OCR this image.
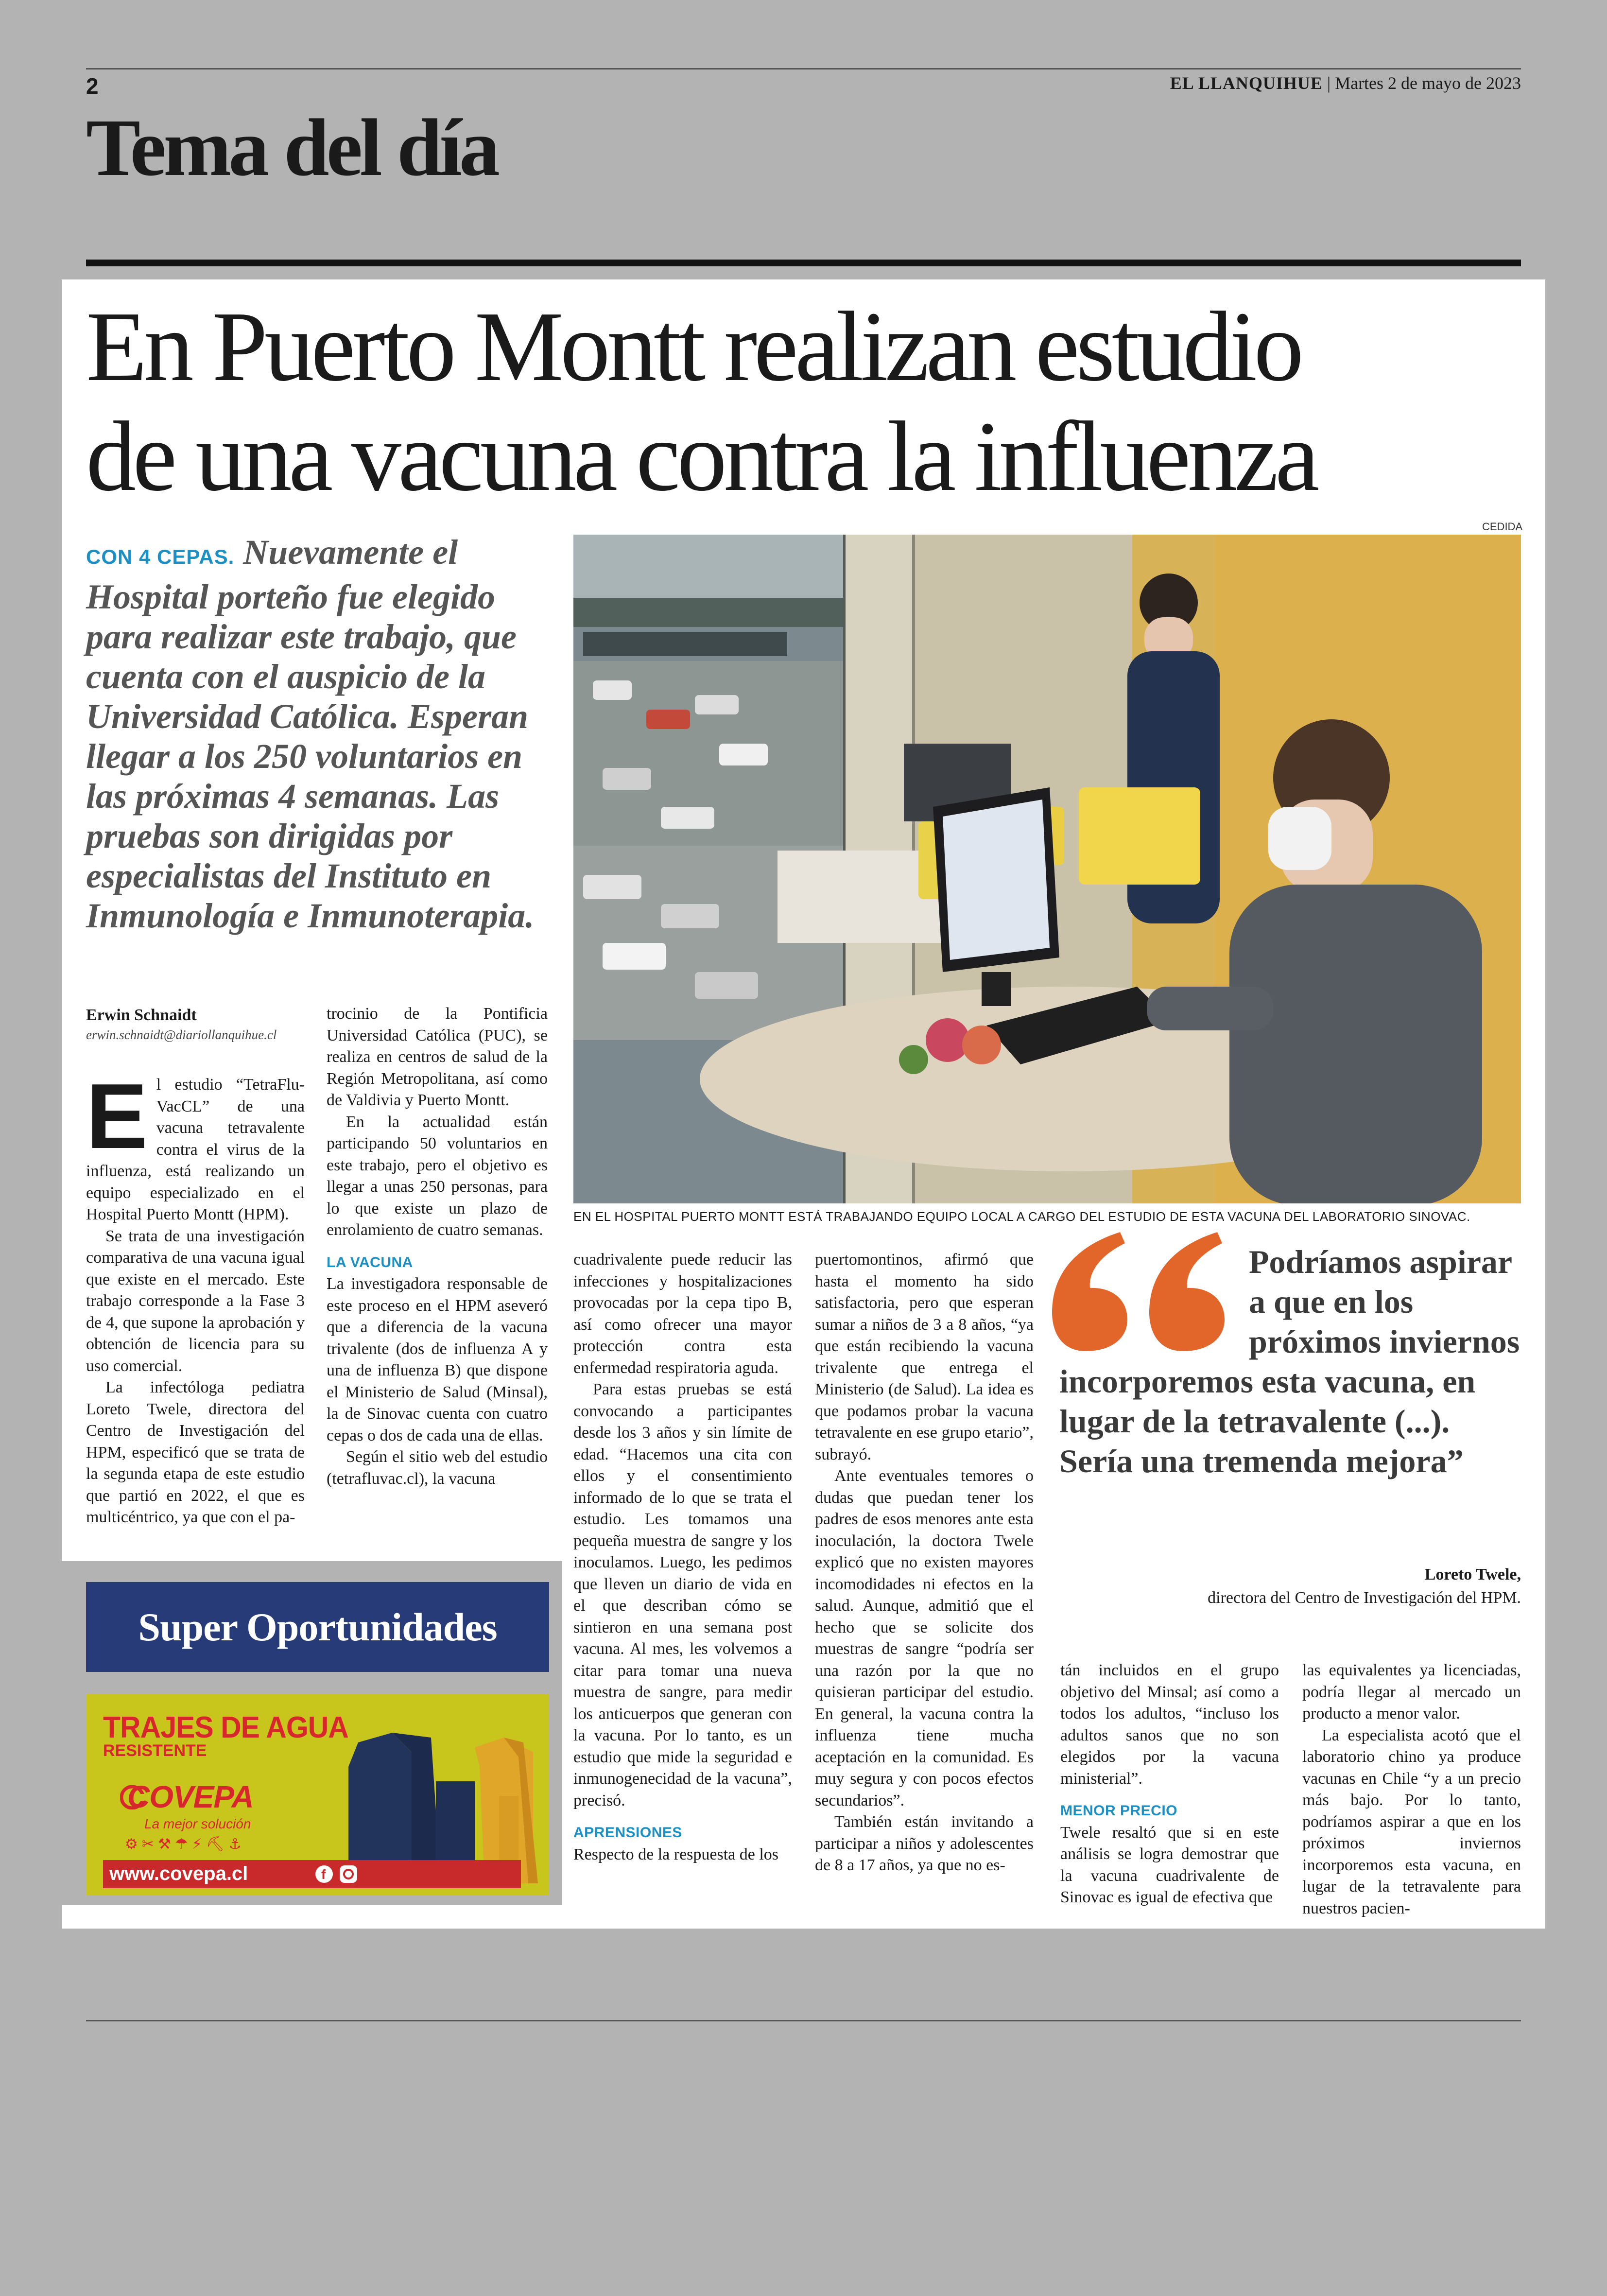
2	EL LLANQUIHUE | Martes 2 de mayo de 2023
Tema del día
En Puerto Montt realizan estudio
de una vacuna contra la influenza
CON 4 CEPAS. Nuevamente el Hospital porteño fue elegido para realizar este trabajo, que cuenta con el auspicio de la Universidad Católica. Esperan llegar a los 250 voluntarios en las próximas 4 semanas. Las pruebas son dirigidas por especialistas del Instituto en Inmunología e Inmunoterapia.
CEDIDA
EN EL HOSPITAL PUERTO MONTT ESTÁ TRABAJANDO EQUIPO LOCAL A CARGO DEL ESTUDIO DE ESTA VACUNA DEL LABORATORIO SINOVAC.
Erwin Schnaidt
erwin.schnaidt@diariollanquihue.cl

El estudio “TetraFlu-VacCL” de una vacuna tetravalente contra el virus de la influenza, está realizando un equipo especializado en el Hospital Puerto Montt (HPM).

Se trata de una investigación comparativa de una vacuna igual que existe en el mercado. Este trabajo corresponde a la Fase 3 de 4, que supone la aprobación y obtención de licencia para su uso comercial.

La infectóloga pediatra Loreto Twele, directora del Centro de Investigación del HPM, especificó que se trata de la segunda etapa de este estudio que partió en 2022, el que es multicéntrico, ya que con el pa-

trocinio de la Pontificia Universidad Católica (PUC), se realiza en centros de salud de la Región Metropolitana, así como de Valdivia y Puerto Montt.

En la actualidad están participando 50 voluntarios en este trabajo, pero el objetivo es llegar a unas 250 personas, para lo que existe un plazo de enrolamiento de cuatro semanas.

LA VACUNA

La investigadora responsable de este proceso en el HPM aseveró que a diferencia de la vacuna trivalente (dos de influenza A y una de influenza B) que dispone el Ministerio de Salud (Minsal), la de Sinovac cuenta con cuatro cepas o dos de cada una de ellas.

Según el sitio web del estudio (tetrafluvac.cl), la vacuna

cuadrivalente puede reducir las infecciones y hospitalizaciones provocadas por la cepa tipo B, así como ofrecer una mayor protección contra esta enfermedad respiratoria aguda.

Para estas pruebas se está convocando a participantes desde los 3 años y sin límite de edad. “Hacemos una cita con ellos y el consentimiento informado de lo que se trata el estudio. Les tomamos una pequeña muestra de sangre y los inoculamos. Luego, les pedimos que lleven un diario de vida en el que describan cómo se sintieron en una semana post vacuna. Al mes, les volvemos a citar para tomar una nueva muestra de sangre, para medir los anticuerpos que generan con la vacuna. Por lo tanto, es un estudio que mide la seguridad e inmunogenecidad de la vacuna”, precisó.

APRENSIONES

Respecto de la respuesta de los

puertomontinos, afirmó que hasta el momento ha sido satisfactoria, pero que esperan sumar a niños de 3 a 8 años, “ya que están recibiendo la vacuna trivalente que entrega el Ministerio (de Salud). La idea es que podamos probar la vacuna tetravalente en ese grupo etario”, subrayó.

Ante eventuales temores o dudas que puedan tener los padres de esos menores ante esta inoculación, la doctora Twele explicó que no existen mayores incomodidades ni efectos en la salud. Aunque, admitió que el hecho que se solicite dos muestras de sangre “podría ser una razón por la que no quisieran participar del estudio. En general, la vacuna contra la influenza tiene mucha aceptación en la comunidad. Es muy segura y con pocos efectos secundarios”.

También están invitando a participar a niños y adolescentes de 8 a 17 años, ya que no es-

Podríamos aspirar a que en los próximos inviernos
incorporemos esta vacuna, en lugar de la tetravalente (...). Sería una tremenda mejora”
Loreto Twele,
directora del Centro de Investigación del HPM.

tán incluidos en el grupo objetivo del Minsal; así como a todos los adultos, “incluso los adultos sanos que no son elegidos por la vacuna ministerial”.

MENOR PRECIO

Twele resaltó que si en este análisis se logra demostrar que la vacuna cuadrivalente de Sinovac es igual de efectiva que

las equivalentes ya licenciadas, podría llegar al mercado un producto a menor valor.

La especialista acotó que el laboratorio chino ya produce vacunas en Chile “y a un precio más bajo. Por lo tanto, podríamos aspirar a que en los próximos inviernos incorporemos esta vacuna, en lugar de la tetravalente para nuestros pacien-

Super Oportunidades
TRAJES DE AGUA
RESISTENTE
COVEPA
La mejor solución
⚙✂⚒☂⚡⛏⚓
www.covepa.cl	f
